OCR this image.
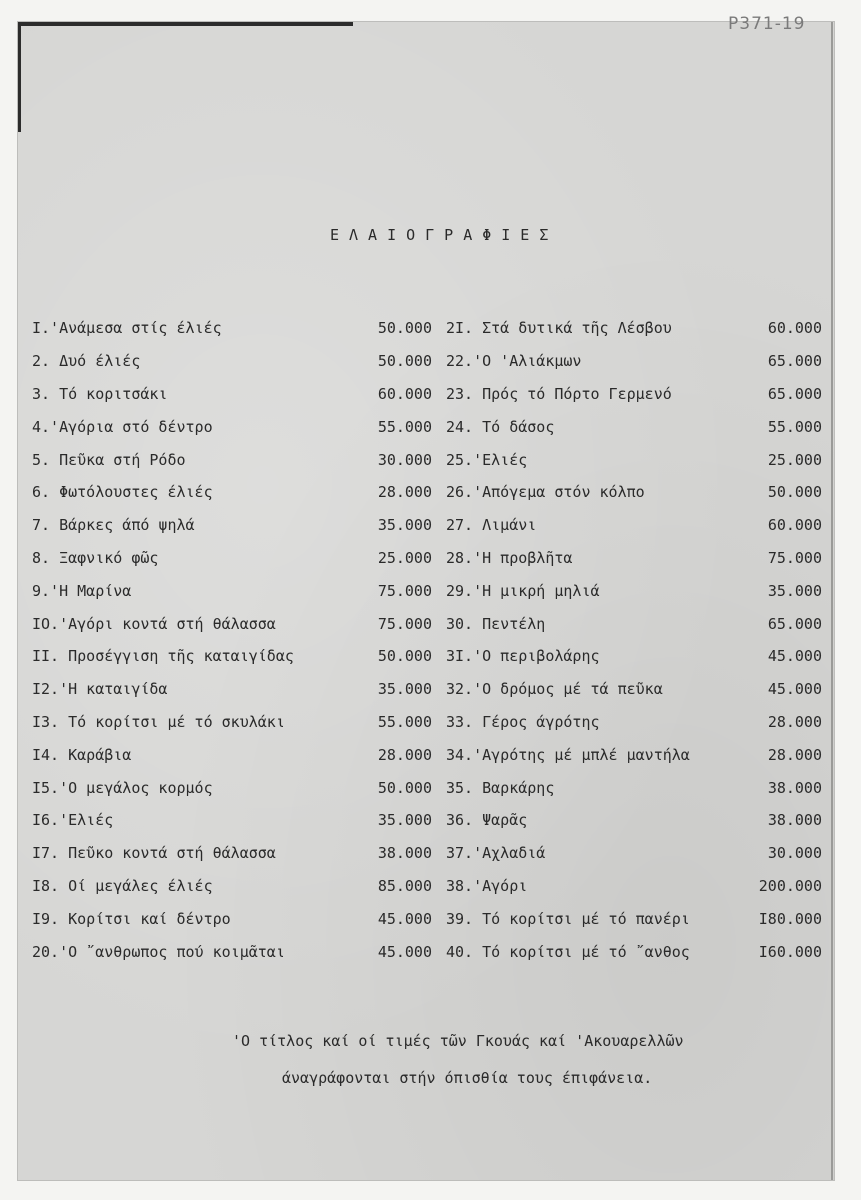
P371-19
ΕΛΑΙΟΓΡΑΦΙΕΣ
I.'Ανάμεσα στίς έλιές	50.000
2. Δυό έλιές	50.000
3. Τό κοριτσάκι	60.000
4.'Αγόρια στό δέντρο	55.000
5. Πεῦκα στή Ρόδο	30.000
6. Φωτόλουστες έλιές	28.000
7. Βάρκες άπό ψηλά	35.000
8. Ξαφνικό φῶς	25.000
9.'Η Μαρίνα	75.000
IO.'Αγόρι κοντά στή θάλασσα	75.000
II. Προσέγγιση τῆς καταιγίδας	50.000
I2.'Η καταιγίδα	35.000
I3. Τό κορίτσι μέ τό σκυλάκι	55.000
I4. Καράβια	28.000
I5.'Ο μεγάλος κορμός	50.000
I6.'Ελιές	35.000
I7. Πεῦκο κοντά στή θάλασσα	38.000
I8. Οί μεγάλες έλιές	85.000
I9. Κορίτσι καί δέντρο	45.000
20.'Ο ῎ανθρωπος πού κοιμᾶται	45.000
2I. Στά δυτικά τῆς Λέσβου	60.000
22.'Ο 'Αλιάκμων	65.000
23. Πρός τό Πόρτο Γερμενό	65.000
24. Τό δάσος	55.000
25.'Ελιές	25.000
26.'Απόγεμα στόν κόλπο	50.000
27. Λιμάνι	60.000
28.'Η προβλῆτα	75.000
29.'Η μικρή μηλιά	35.000
30. Πεντέλη	65.000
3I.'Ο περιβολάρης	45.000
32.'Ο δρόμος μέ τά πεῦκα	45.000
33. Γέρος άγρότης	28.000
34.'Αγρότης μέ μπλέ μαντήλα	28.000
35. Βαρκάρης	38.000
36. Ψαρᾶς	38.000
37.'Αχλαδιά	30.000
38.'Αγόρι	200.000
39. Τό κορίτσι μέ τό πανέρι	I80.000
40. Τό κορίτσι μέ τό ῎ανθος	I60.000
'Ο τίτλος καί οί τιμές τῶν Γκουάς καί 'Ακουαρελλῶν
άναγράφονται στήν όπισθία τους έπιφάνεια.
